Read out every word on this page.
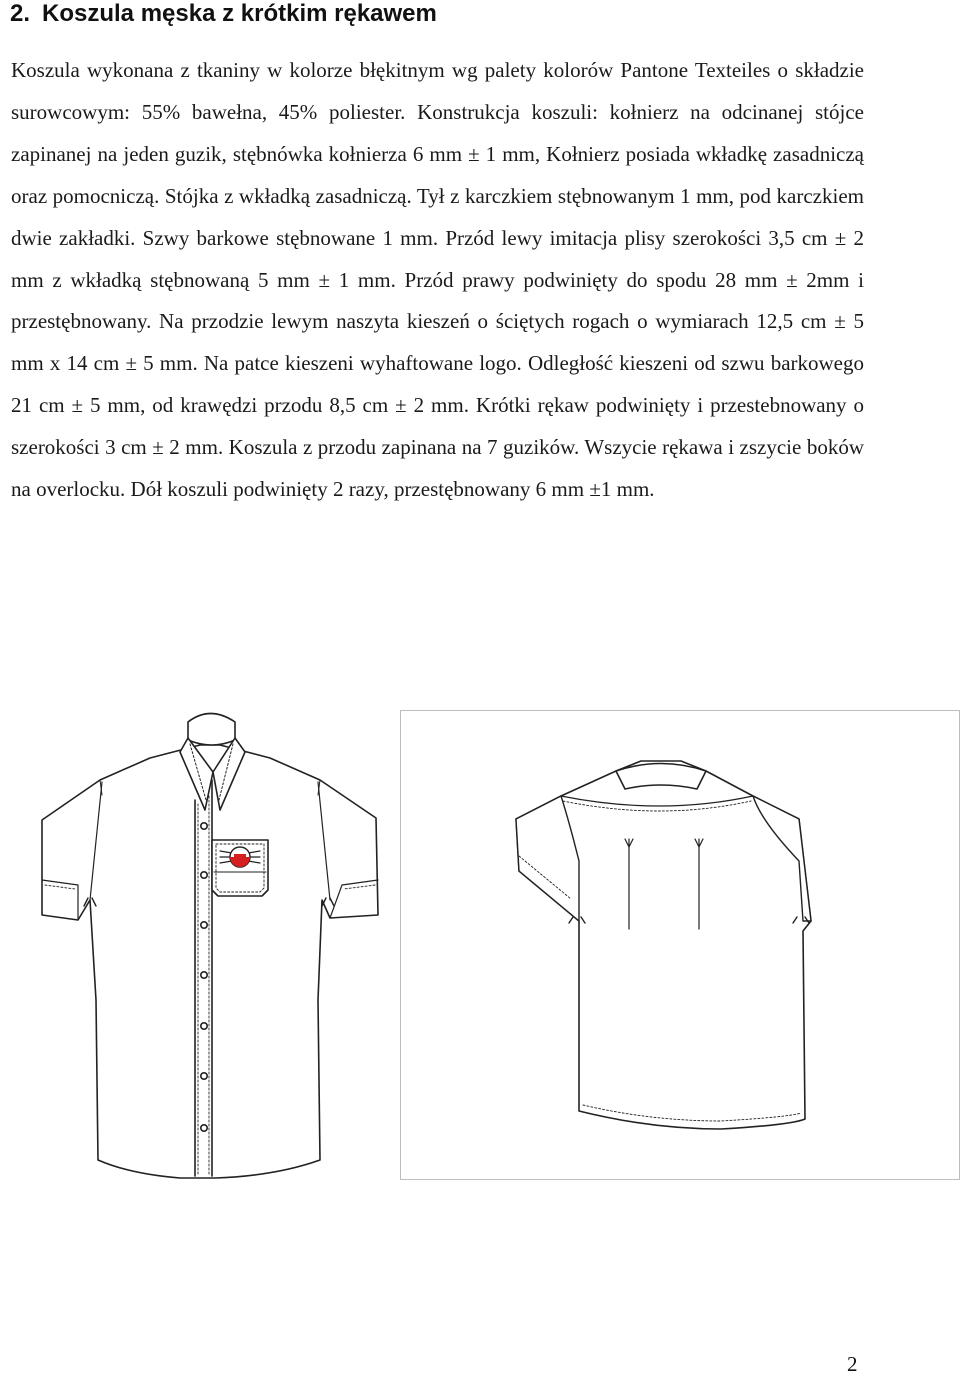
2. Koszula męska z krótkim rękawem

Koszula wykonana z tkaniny w kolorze błękitnym wg palety kolorów Pantone Texteiles o składzie surowcowym: 55% bawełna, 45% poliester. Konstrukcja koszuli: kołnierz na odcinanej stójce zapinanej na jeden guzik, stębnówka kołnierza 6 mm ± 1 mm, Kołnierz posiada wkładkę zasadniczą oraz pomocniczą. Stójka z wkładką zasadniczą. Tył z karczkiem stębnowanym 1 mm, pod karczkiem dwie zakładki. Szwy barkowe stębnowane 1 mm. Przód lewy imitacja plisy szerokości 3,5 cm ± 2 mm z wkładką stębnowaną 5 mm ± 1 mm. Przód prawy podwinięty do spodu 28 mm ± 2mm i przestębnowany. Na przodzie lewym naszyta kieszeń o ściętych rogach o wymiarach 12,5 cm ± 5 mm x 14 cm ± 5 mm. Na patce kieszeni wyhaftowane logo. Odległość kieszeni od szwu barkowego 21 cm ± 5 mm, od krawędzi przodu 8,5 cm ± 2 mm. Krótki rękaw podwinięty i przestebnowany o szerokości 3 cm ± 2 mm. Koszula z przodu zapinana na 7 guzików. Wszycie rękawa i zszycie boków na overlocku. Dół koszuli podwinięty 2 razy, przestębnowany 6 mm ±1 mm.

2
